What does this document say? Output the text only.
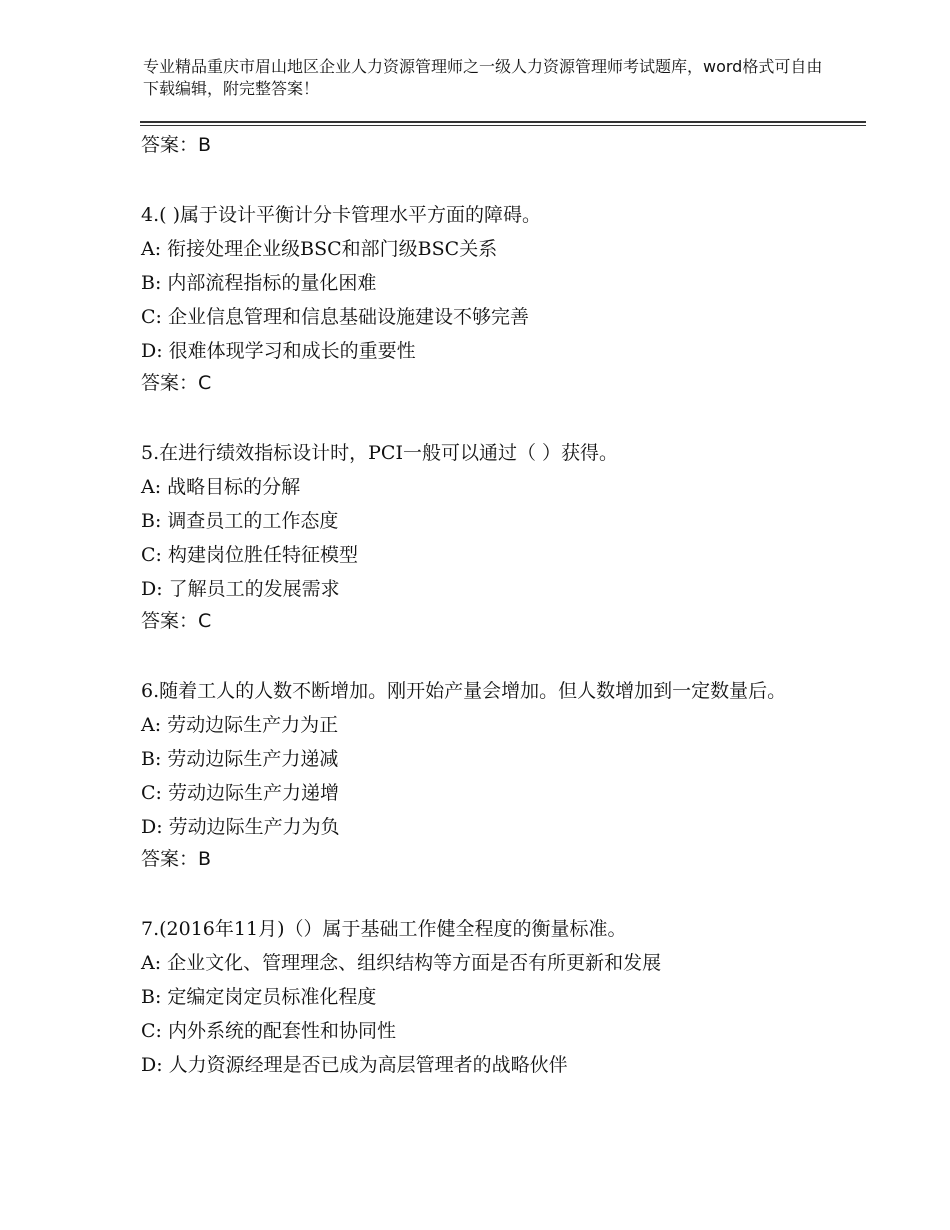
专业精品重庆市眉山地区企业人力资源管理师之一级人力资源管理师考试题库，word格式可自由下载编辑，附完整答案！
答案：B
4.( )属于设计平衡计分卡管理水平方面的障碍。
A: 衔接处理企业级BSC和部门级BSC关系
B: 内部流程指标的量化困难
C: 企业信息管理和信息基础设施建设不够完善
D: 很难体现学习和成长的重要性
答案：C
5.在进行绩效指标设计时，PCI一般可以通过（ ）获得。
A: 战略目标的分解
B: 调查员工的工作态度
C: 构建岗位胜任特征模型
D: 了解员工的发展需求
答案：C
6.随着工人的人数不断增加。刚开始产量会增加。但人数增加到一定数量后。
A: 劳动边际生产力为正
B: 劳动边际生产力递减
C: 劳动边际生产力递增
D: 劳动边际生产力为负
答案：B
7.(2016年11月)（）属于基础工作健全程度的衡量标准。
A: 企业文化、管理理念、组织结构等方面是否有所更新和发展
B: 定编定岗定员标准化程度
C: 内外系统的配套性和协同性
D: 人力资源经理是否已成为高层管理者的战略伙伴
